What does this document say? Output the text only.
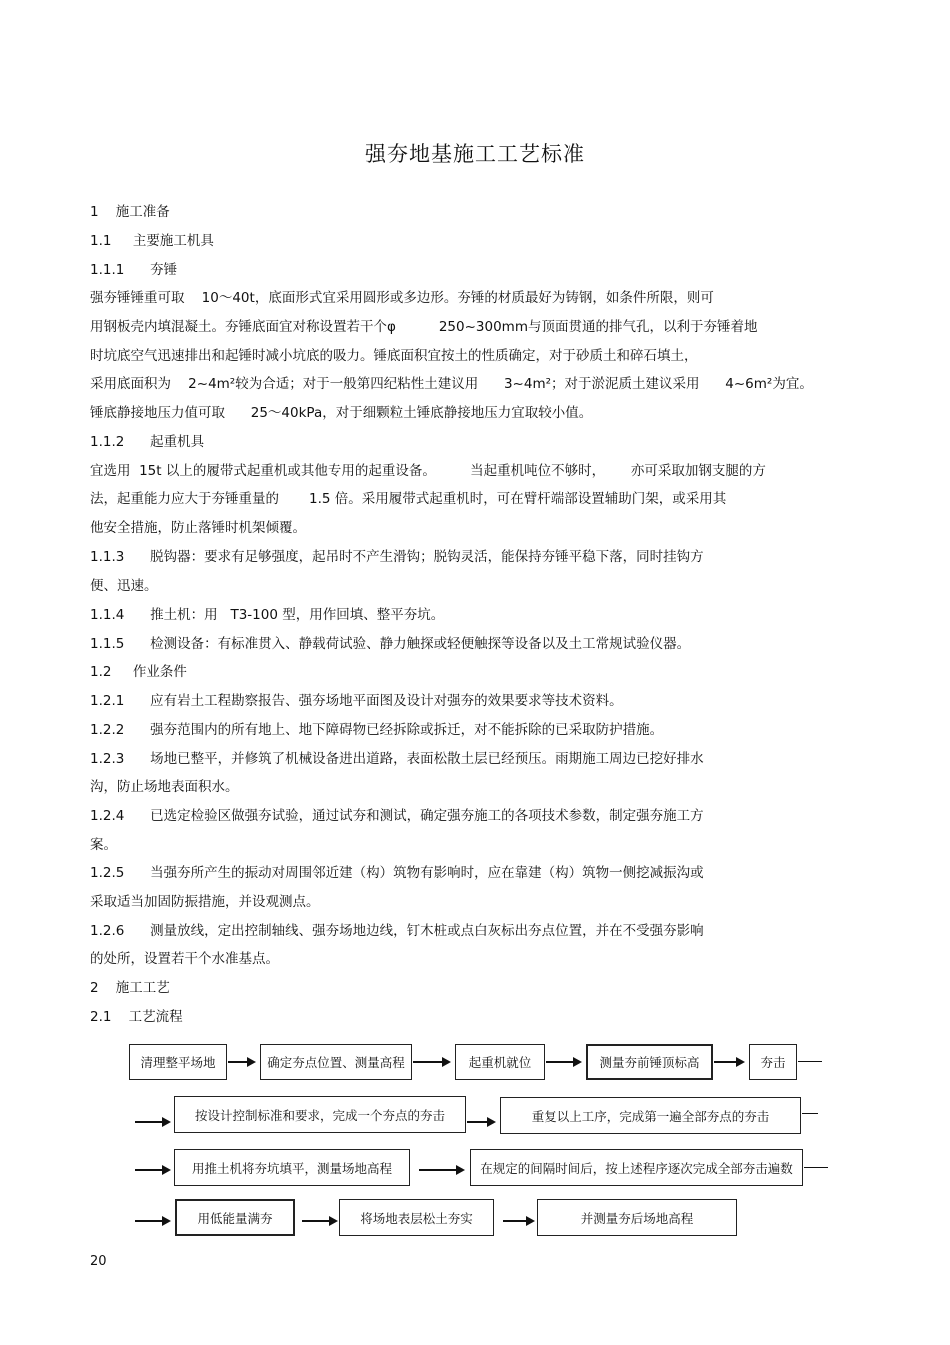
强夯地基施工工艺标准
1    施工准备
1.1     主要施工机具
1.1.1      夯锤
强夯锤锤重可取    10～40t，底面形式宜采用圆形或多边形。夯锤的材质最好为铸钢，如条件所限，则可
用钢板壳内填混凝土。夯锤底面宜对称设置若干个φ          250~300mm与顶面贯通的排气孔，以利于夯锤着地
时坑底空气迅速排出和起锤时减小坑底的吸力。锤底面积宜按土的性质确定，对于砂质土和碎石填土，
采用底面积为    2~4m²较为合适；对于一般第四纪粘性土建议用      3~4m²；对于淤泥质土建议采用      4~6m²为宜。
锤底静接地压力值可取      25～40kPa，对于细颗粒土锤底静接地压力宜取较小值。
1.1.2      起重机具
宜选用  15t 以上的履带式起重机或其他专用的起重设备。        当起重机吨位不够时，      亦可采取加钢支腿的方
法，起重能力应大于夯锤重量的       1.5 倍。采用履带式起重机时，可在臂杆端部设置辅助门架，或采用其
他安全措施，防止落锤时机架倾覆。
1.1.3      脱钩器：要求有足够强度，起吊时不产生滑钩；脱钩灵活，能保持夯锤平稳下落，同时挂钩方
便、迅速。
1.1.4      推土机：用   T3-100 型，用作回填、整平夯坑。
1.1.5      检测设备：有标准贯入、静载荷试验、静力触探或轻便触探等设备以及土工常规试验仪器。
1.2     作业条件
1.2.1      应有岩土工程勘察报告、强夯场地平面图及设计对强夯的效果要求等技术资料。
1.2.2      强夯范围内的所有地上、地下障碍物已经拆除或拆迁，对不能拆除的已采取防护措施。
1.2.3      场地已整平，并修筑了机械设备进出道路，表面松散土层已经预压。雨期施工周边已挖好排水
沟，防止场地表面积水。
1.2.4      已选定检验区做强夯试验，通过试夯和测试，确定强夯施工的各项技术参数，制定强夯施工方
案。
1.2.5      当强夯所产生的振动对周围邻近建（构）筑物有影响时，应在靠建（构）筑物一侧挖减振沟或
采取适当加固防振措施，并设观测点。
1.2.6      测量放线，定出控制轴线、强夯场地边线，钉木桩或点白灰标出夯点位置，并在不受强夯影响
的处所，设置若干个水准基点。
2    施工工艺
2.1    工艺流程
清理整平场地	确定夯点位置、测量高程	起重机就位	测量夯前锤顶标高	夯击
按设计控制标准和要求，完成一个夯点的夯击	重复以上工序，完成第一遍全部夯点的夯击
用推土机将夯坑填平，测量场地高程	在规定的间隔时间后，按上述程序逐次完成全部夯击遍数
用低能量满夯	将场地表层松土夯实	并测量夯后场地高程
20
